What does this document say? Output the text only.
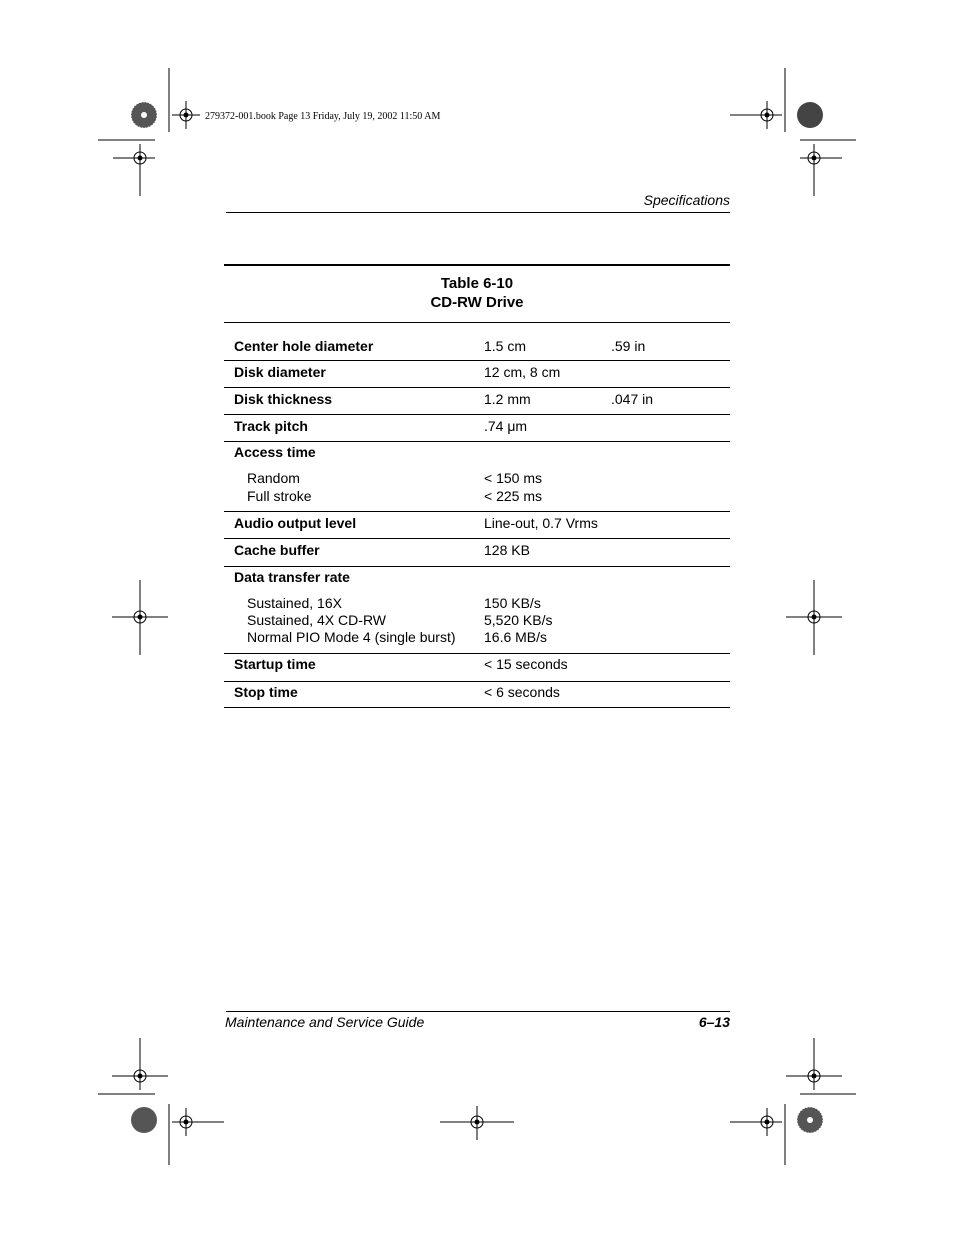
279372-001.book Page 13 Friday, July 19, 2002 11:50 AM
Specifications
Table 6-10
CD-RW Drive
Center hole diameter	1.5 cm	.59 in
Disk diameter	12 cm, 8 cm
Disk thickness	1.2 mm	.047 in
Track pitch	.74 μm
Access time
Random	< 150 ms
Full stroke	< 225 ms
Audio output level	Line-out, 0.7 Vrms
Cache buffer	128 KB
Data transfer rate
Sustained, 16X	150 KB/s
Sustained, 4X CD-RW	5,520 KB/s
Normal PIO Mode 4 (single burst) 16.6 MB/s
Startup time	< 15 seconds
Stop time	< 6 seconds
Maintenance and Service Guide	6–13
